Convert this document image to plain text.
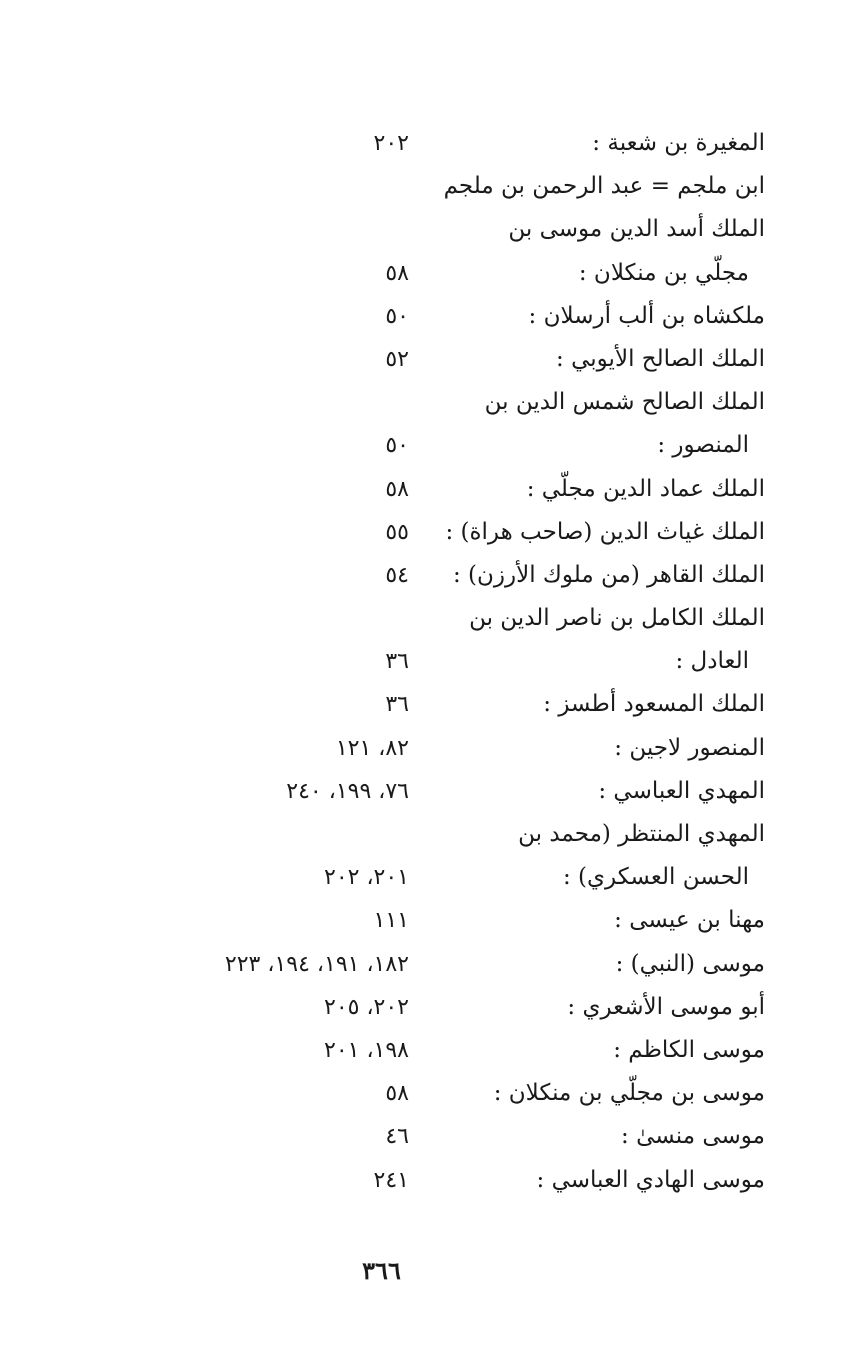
المغيرة بن شعبة :
٢٠٢
ابن ملجم = عبد الرحمن بن ملجم
الملك أسد الدين موسى بن
مجلّي بن منكلان :
٥٨
ملكشاه بن ألب أرسلان :
٥٠
الملك الصالح الأيوبي :
٥٢
الملك الصالح شمس الدين بن
المنصور :
٥٠
الملك عماد الدين مجلّي :
٥٨
الملك غياث الدين (صاحب هراة) :
٥٥
الملك القاهر (من ملوك الأرزن) :
٥٤
الملك الكامل بن ناصر الدين بن
العادل :
٣٦
الملك المسعود أطسز :
٣٦
المنصور لاجين :
٨٢، ١٢١
المهدي العباسي :
٧٦، ١٩٩، ٢٤٠
المهدي المنتظر (محمد بن
الحسن العسكري) :
٢٠١، ٢٠٢
مهنا بن عيسى :
١١١
موسى (النبي) :
١٨٢، ١٩١، ١٩٤، ٢٢٣
أبو موسى الأشعري :
٢٠٢، ٢٠٥
موسى الكاظم :
١٩٨، ٢٠١
موسى بن مجلّي بن منكلان :
٥٨
موسى منسىٰ :
٤٦
موسى الهادي العباسي :
٢٤١
٣٦٦
